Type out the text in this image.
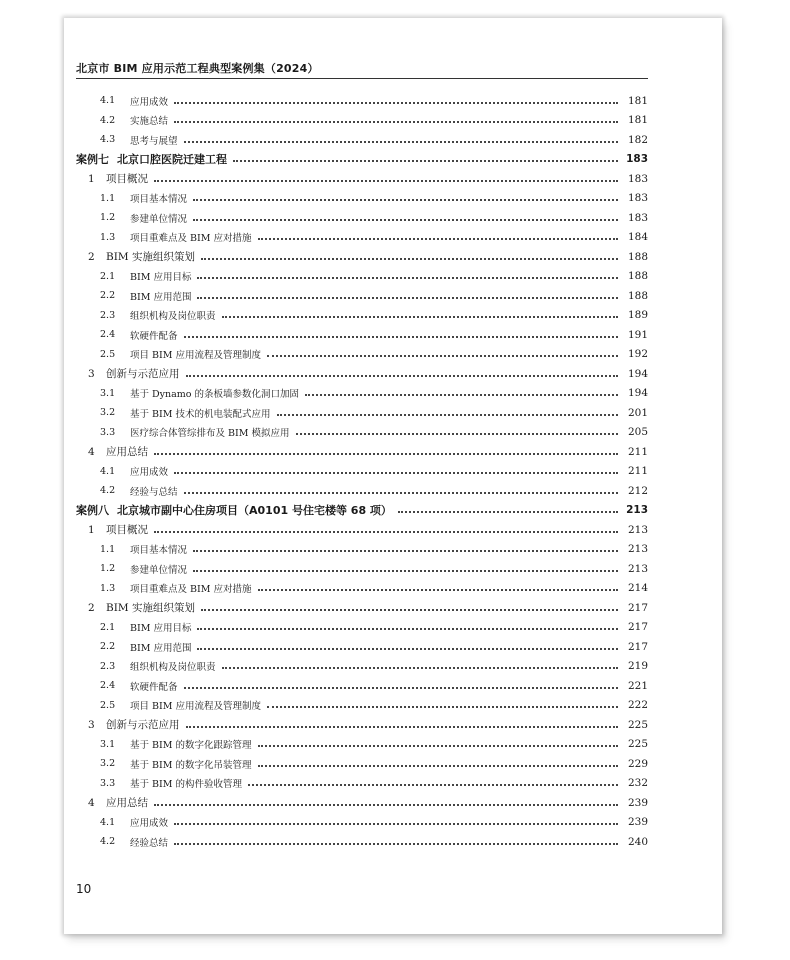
北京市 BIM 应用示范工程典型案例集（2024）
4.1	应用成效	181
4.2	实施总结	181
4.3	思考与展望	182
案例七 北京口腔医院迁建工程	183
1	项目概况	183
1.1	项目基本情况	183
1.2	参建单位情况	183
1.3	项目重难点及 BIM 应对措施	184
2	BIM 实施组织策划	188
2.1	BIM 应用目标	188
2.2	BIM 应用范围	188
2.3	组织机构及岗位职责	189
2.4	软硬件配备	191
2.5	项目 BIM 应用流程及管理制度	192
3	创新与示范应用	194
3.1	基于 Dynamo 的条板墙参数化洞口加固	194
3.2	基于 BIM 技术的机电装配式应用	201
3.3	医疗综合体管综排布及 BIM 模拟应用	205
4	应用总结	211
4.1	应用成效	211
4.2	经验与总结	212
案例八 北京城市副中心住房项目（A0101 号住宅楼等 68 项）	213
1	项目概况	213
1.1	项目基本情况	213
1.2	参建单位情况	213
1.3	项目重难点及 BIM 应对措施	214
2	BIM 实施组织策划	217
2.1	BIM 应用目标	217
2.2	BIM 应用范围	217
2.3	组织机构及岗位职责	219
2.4	软硬件配备	221
2.5	项目 BIM 应用流程及管理制度	222
3	创新与示范应用	225
3.1	基于 BIM 的数字化跟踪管理	225
3.2	基于 BIM 的数字化吊装管理	229
3.3	基于 BIM 的构件验收管理	232
4	应用总结	239
4.1	应用成效	239
4.2	经验总结	240
10
